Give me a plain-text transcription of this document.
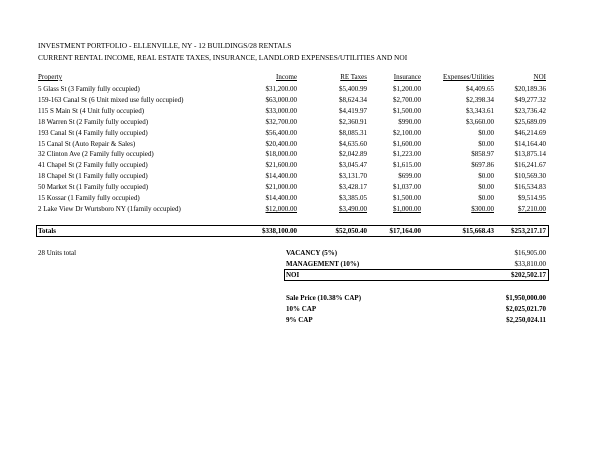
INVESTMENT PORTFOLIO - ELLENVILLE, NY - 12 BUILDINGS/28 RENTALS
CURRENT RENTAL INCOME, REAL ESTATE TAXES, INSURANCE, LANDLORD EXPENSES/UTILITIES AND NOI
Property	Income	RE Taxes	Insurance	Expenses/Utilities	NOI
5 Glass St (3 Family fully occupied)	$31,200.00	$5,400.99	$1,200.00	$4,409.65	$20,189.36
159-163 Canal St (6 Unit mixed use fully occupied)	$63,000.00	$8,624.34	$2,700.00	$2,398.34	$49,277.32
115 S Main St (4 Unit fully occupied)	$33,000.00	$4,419.97	$1,500.00	$3,343.61	$23,736.42
18 Warren St (2 Family fully occupied)	$32,700.00	$2,360.91	$990.00	$3,660.00	$25,689.09
193 Canal St (4 Family fully occupied)	$56,400.00	$8,085.31	$2,100.00	$0.00	$46,214.69
15 Canal St (Auto Repair & Sales)	$20,400.00	$4,635.60	$1,600.00	$0.00	$14,164.40
32 Clinton Ave (2 Family fully occupied)	$18,000.00	$2,042.89	$1,223.00	$858.97	$13,875.14
41 Chapel St (2 Family fully occupied)	$21,600.00	$3,045.47	$1,615.00	$697.86	$16,241.67
18 Chapel St (1 Family fully occupied)	$14,400.00	$3,131.70	$699.00	$0.00	$10,569.30
50 Market St (1 Family fully occupied)	$21,000.00	$3,428.17	$1,037.00	$0.00	$16,534.83
15 Kossar (1 Family fully occupied)	$14,400.00	$3,385.05	$1,500.00	$0.00	$9,514.95
2 Lake View Dr Wurtsboro NY (1family occupied)	$12,000.00	$3,490.00	$1,000.00	$300.00	$7,210.00
Totals	$338,100.00	$52,050.40	$17,164.00	$15,668.43 $253,217.17
28 Units total	VACANCY (5%)	$16,905.00
MANAGEMENT (10%)	$33,810.00
NOI	$202,502.17
Sale Price (10.38% CAP)	$1,950,000.00
10% CAP	$2,025,021.70
9% CAP	$2,250,024.11
